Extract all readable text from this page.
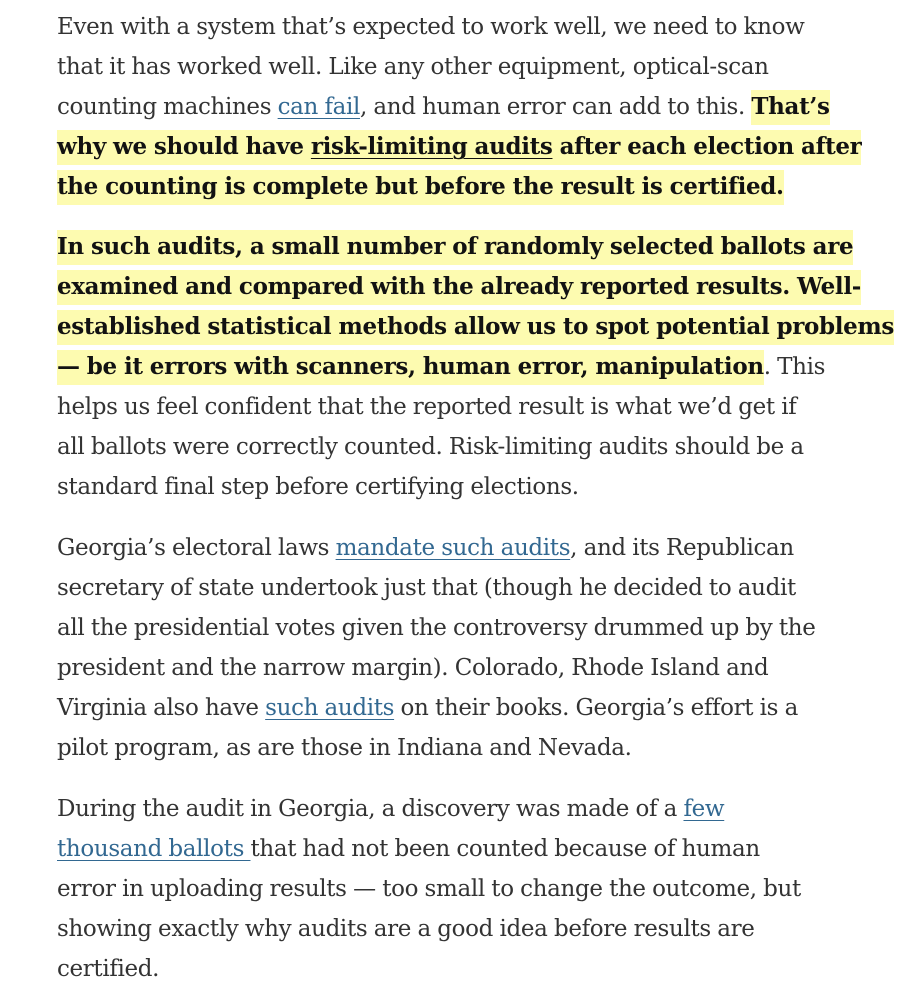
Even with a system that’s expected to work well, we need to know
that it has worked well. Like any other equipment, optical-scan
counting machines can fail, and human error can add to this. That’s
why we should have risk-limiting audits after each election after
the counting is complete but before the result is certified.

In such audits, a small number of randomly selected ballots are
examined and compared with the already reported results. Well-
established statistical methods allow us to spot potential problems
— be it errors with scanners, human error, manipulation. This
helps us feel confident that the reported result is what we’d get if
all ballots were correctly counted. Risk-limiting audits should be a
standard final step before certifying elections.

Georgia’s electoral laws mandate such audits, and its Republican
secretary of state undertook just that (though he decided to audit
all the presidential votes given the controversy drummed up by the
president and the narrow margin). Colorado, Rhode Island and
Virginia also have such audits on their books. Georgia’s effort is a
pilot program, as are those in Indiana and Nevada.

During the audit in Georgia, a discovery was made of a few
thousand ballots that had not been counted because of human
error in uploading results — too small to change the outcome, but
showing exactly why audits are a good idea before results are
certified.
